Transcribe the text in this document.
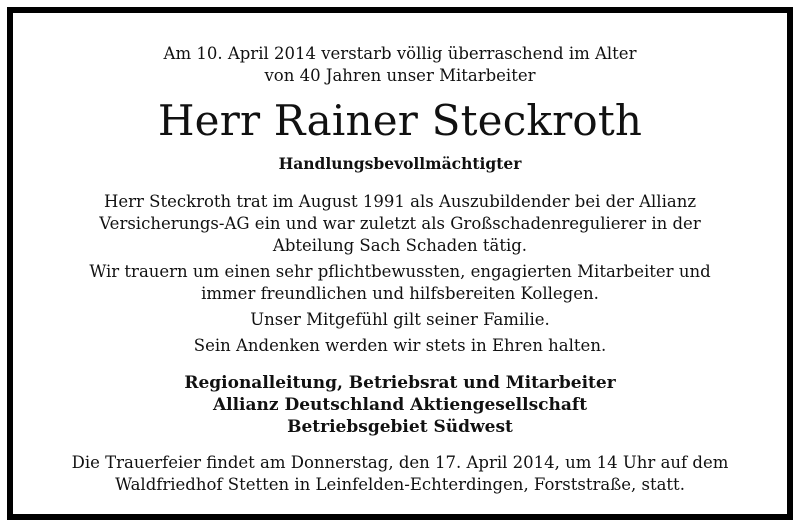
Am 10. April 2014 verstarb völlig überraschend im Alter
von 40 Jahren unser Mitarbeiter
Herr Rainer Steckroth
Handlungsbevollmächtigter
Herr Steckroth trat im August 1991 als Auszubildender bei der Allianz
Versicherungs-AG ein und war zuletzt als Großschadenregulierer in der
Abteilung Sach Schaden tätig.
Wir trauern um einen sehr pflichtbewussten, engagierten Mitarbeiter und
immer freundlichen und hilfsbereiten Kollegen.
Unser Mitgefühl gilt seiner Familie.
Sein Andenken werden wir stets in Ehren halten.
Regionalleitung, Betriebsrat und Mitarbeiter
Allianz Deutschland Aktiengesellschaft
Betriebsgebiet Südwest
Die Trauerfeier findet am Donnerstag, den 17. April 2014, um 14 Uhr auf dem
Waldfriedhof Stetten in Leinfelden-Echterdingen, Forststraße, statt.
